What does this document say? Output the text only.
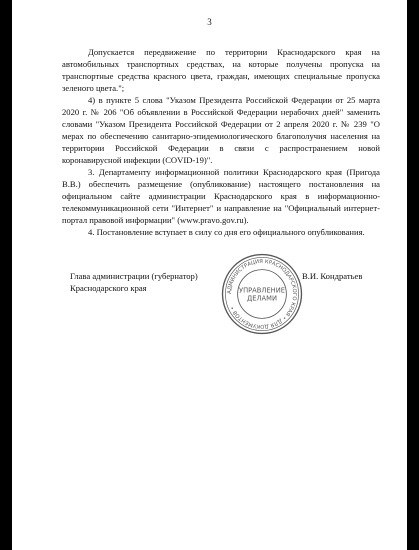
3

Допускается передвижение по территории Краснодарского края на автомобильных транспортных средствах, на которые получены пропуска на транспортные средства красного цвета, граждан, имеющих специальные пропуска зеленого цвета.";

4) в пункте 5 слова "Указом Президента Российской Федерации от 25 марта 2020 г. № 206 "Об объявлении в Российской Федерации нерабочих дней" заменить словами "Указом Президента Российской Федерации от 2 апреля 2020 г. № 239 "О мерах по обеспечению санитарно-эпидемиологического благополучия населения на территории Российской Федерации в связи с распространением новой коронавирусной инфекции (COVID-19)".

3. Департаменту информационной политики Краснодарского края (Пригода В.В.) обеспечить размещение (опубликование) настоящего постановления на официальном сайте администрации Краснодарского края в информационно-телекоммуникационной сети "Интернет" и направление на "Официальный интернет-портал правовой информации" (www.pravo.gov.ru).

4. Постановление вступает в силу со дня его официального опубликования.

Глава администрации (губернатор)
Краснодарского края	АДМИНИСТРАЦИЯ КРАСНОДАРСКОГО КРАЯ • ДЛЯ ДОКУМЕНТОВ •
УПРАВЛЕНИЕ
ДЕЛАМИ
В.И. Кондратьев
